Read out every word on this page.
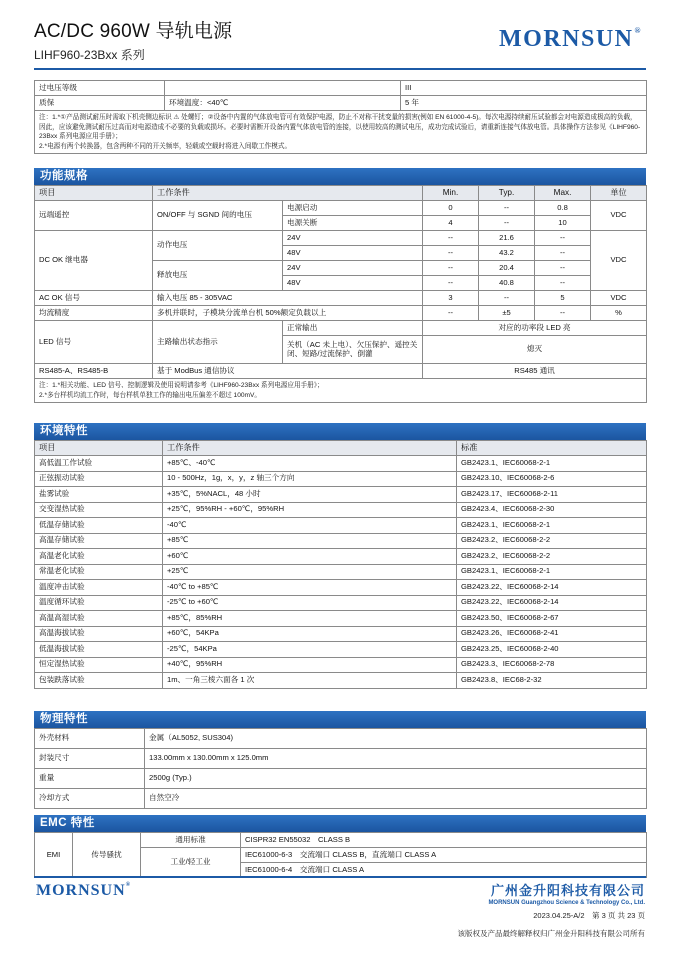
AC/DC 960W 导轨电源
LIHF960-23Bxx 系列
MORNSUN®
过电压等级		III
质保	环境温度：<40℃	5 年

注：1.*①产品测试耐压时需取下机壳侧边标识 ⚠ 处螺钉；②设备中内置的气体放电管可有效保护电源，防止不对称干扰变量的损害(例如 EN 61000-4-5)。每次电源持续耐压试验都会对电源造成极高的负载，因此，应该避免测试耐压过高而对电源造成不必要的负载或损坏。必要时需断开设备内置气体放电管的连接，以使用较高的测试电压，成功完成试验后，请重新连接气体放电管。具体操作方法参见《LIHF960-23Bxx 系列电源应用手册》；
2.*电源有两个转换器，包含两种不同的开关频率，轻载或空载时将进入间歇工作模式。		
功能规格
项目	工作条件		Min.	Typ.	Max.	单位
远端遥控	ON/OFF 与 SGND 间的电压	电源启动	0	--	0.8	VDC
		电源关断	4	--	10	
DC OK 继电器	动作电压	24V	--	21.6	--	VDC
		48V	--	43.2	--	
	释放电压	24V	--	20.4	--	
		48V	--	40.8	--	
AC OK 信号	输入电压 85 - 305VAC		3	--	5	VDC
均流精度	多机并联时，子模块分流单台机 50%额定负载以上		--	±5	--	%
LED 信号	主路输出状态指示	正常输出	对应的功率段 LED 亮			
		关机（AC 未上电）、欠压保护、遥控关闭、短路/过流保护、倒灌	熄灭			
RS485-A、RS485-B	基于 ModBus 通信协议		RS485 通讯			

注：1.*相关功能、LED 信号、控制逻辑及使用说明请参考《LIHF960-23Bxx 系列电源应用手册》；
2.*多台样机均流工作时，每台样机单独工作的输出电压偏差不超过 100mV。						
环境特性
项目	工作条件	标准
高低温工作试验	+85℃、-40℃	GB2423.1、IEC60068-2-1
正弦振动试验	10 - 500Hz，1g，x，y，z 轴三个方向	GB2423.10、IEC60068-2-6
盐雾试验	+35℃，5%NACL，48 小时	GB2423.17、IEC60068-2-11
交变湿热试验	+25℃，95%RH - +60℃，95%RH	GB2423.4、IEC60068-2-30
低温存储试验	-40℃	GB2423.1、IEC60068-2-1
高温存储试验	+85℃	GB2423.2、IEC60068-2-2
高温老化试验	+60℃	GB2423.2、IEC60068-2-2
常温老化试验	+25℃	GB2423.1、IEC60068-2-1
温度冲击试验	-40℃ to +85℃	GB2423.22、IEC60068-2-14
温度循环试验	-25℃ to +60℃	GB2423.22、IEC60068-2-14
高温高湿试验	+85℃，85%RH	GB2423.50、IEC60068-2-67
高温海拔试验	+60℃，54KPa	GB2423.26、IEC60068-2-41
低温海拔试验	-25℃，54KPa	GB2423.25、IEC60068-2-40
恒定湿热试验	+40℃，95%RH	GB2423.3、IEC60068-2-78
包装跌落试验	1m、一角三棱六面各 1 次	GB2423.8、IEC68-2-32
物理特性
外壳材料	金属（AL5052, SUS304)
封装尺寸	133.00mm x 130.00mm x 125.0mm
重量	2500g (Typ.)
冷却方式	自然空冷
EMC 特性
EMI	传导骚扰	通用标准	CISPR32 EN55032　CLASS B
		工业/轻工业	IEC61000-6-3　交流端口 CLASS B，直流端口 CLASS A
			IEC61000-6-4　交流端口 CLASS A
MORNSUN®	广州金升阳科技有限公司
MORNSUN Guangzhou Science & Technology Co., Ltd.
2023.04.25-A/2　第 3 页 共 23 页
该版权及产品最终解释权归广州金升阳科技有限公司所有
